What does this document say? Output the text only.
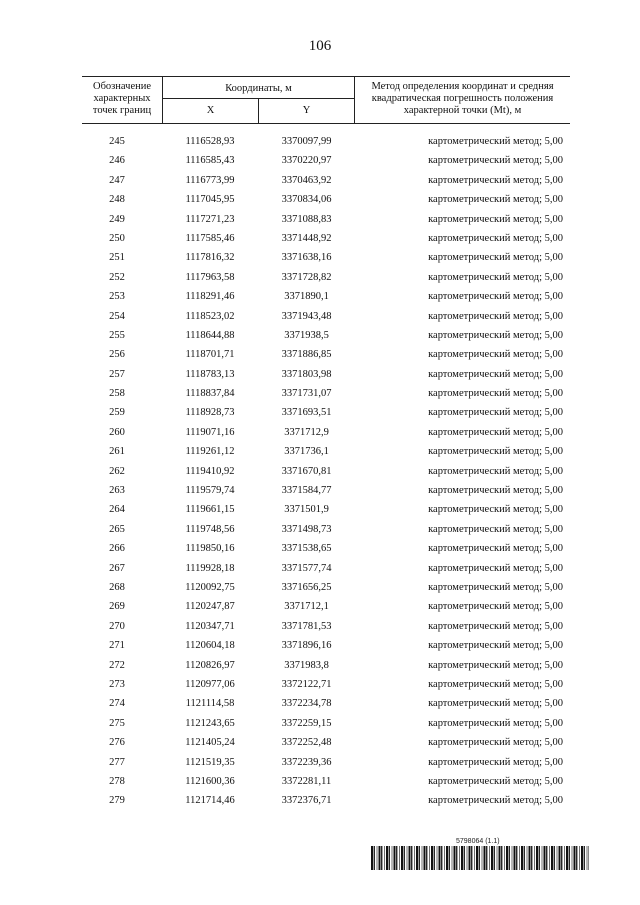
106
Обозначение характерных точек границ
Координаты, м
X	Y
Метод определения координат и средняя квадратическая погрешность положения характерной точки (Mt), м
245	1116528,93	3370097,99	картометрический метод; 5,00
246	1116585,43	3370220,97	картометрический метод; 5,00
247	1116773,99	3370463,92	картометрический метод; 5,00
248	1117045,95	3370834,06	картометрический метод; 5,00
249	1117271,23	3371088,83	картометрический метод; 5,00
250	1117585,46	3371448,92	картометрический метод; 5,00
251	1117816,32	3371638,16	картометрический метод; 5,00
252	1117963,58	3371728,82	картометрический метод; 5,00
253	1118291,46	3371890,1	картометрический метод; 5,00
254	1118523,02	3371943,48	картометрический метод; 5,00
255	1118644,88	3371938,5	картометрический метод; 5,00
256	1118701,71	3371886,85	картометрический метод; 5,00
257	1118783,13	3371803,98	картометрический метод; 5,00
258	1118837,84	3371731,07	картометрический метод; 5,00
259	1118928,73	3371693,51	картометрический метод; 5,00
260	1119071,16	3371712,9	картометрический метод; 5,00
261	1119261,12	3371736,1	картометрический метод; 5,00
262	1119410,92	3371670,81	картометрический метод; 5,00
263	1119579,74	3371584,77	картометрический метод; 5,00
264	1119661,15	3371501,9	картометрический метод; 5,00
265	1119748,56	3371498,73	картометрический метод; 5,00
266	1119850,16	3371538,65	картометрический метод; 5,00
267	1119928,18	3371577,74	картометрический метод; 5,00
268	1120092,75	3371656,25	картометрический метод; 5,00
269	1120247,87	3371712,1	картометрический метод; 5,00
270	1120347,71	3371781,53	картометрический метод; 5,00
271	1120604,18	3371896,16	картометрический метод; 5,00
272	1120826,97	3371983,8	картометрический метод; 5,00
273	1120977,06	3372122,71	картометрический метод; 5,00
274	1121114,58	3372234,78	картометрический метод; 5,00
275	1121243,65	3372259,15	картометрический метод; 5,00
276	1121405,24	3372252,48	картометрический метод; 5,00
277	1121519,35	3372239,36	картометрический метод; 5,00
278	1121600,36	3372281,11	картометрический метод; 5,00
279	1121714,46	3372376,71	картометрический метод; 5,00
5798064 (1.1)
